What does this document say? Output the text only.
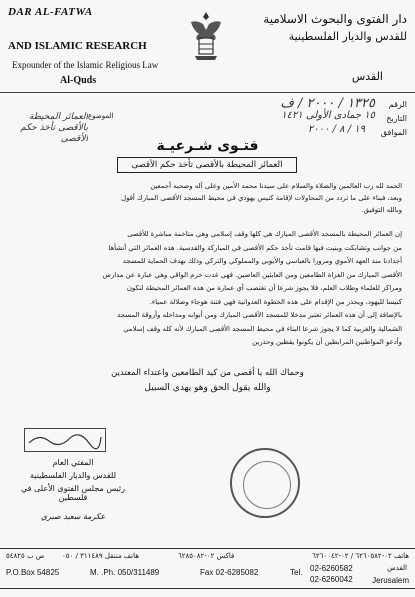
DAR AL-FATWA
AND ISLAMIC RESEARCH
Expounder of the Islamic Religious Law
Al-Quds
دار الفتوى والبحوث الاسلامية
للقدس والديار الفلسطينية
القدس
الرقم
١٣٢٥ / ٢٠٠٠ / ف
التاريخ
١٥ جمادى الأولى ١٤٢١
الموافق
١٩ / ٨ / ٢٠٠٠
الموضوع
العمائر المحيطة بالأقصى تأخذ حكم الأقصى	فتـوى شـرعيـة
العمائر المحيطة بالأقصى تأخذ حكم الأقصى
الحمد لله رب العالمين والصلاة والسلام على سيدنا محمد الأمين وعلى آله وصحبه أجمعين
وبعد، فبناء على ما تردد من المحاولات لإقامة كنيس يهودي في محيط المسجد الأقصى المبارك أقول
وبالله التوفيق.
إن العمائر المحيطة بالمسجد الأقصى المبارك هي كلها وقف إسلامي وهي متاخمة مباشرة للأقصى
من جوانب وتشابكت وبنيت فيها قامت تأخذ حكم الأقصى في المباركة والقدسية. هذه العمائر التي أنشأها
أجدادنا منذ العهد الأموي ومرورا بالعباسي والأيوبي والمملوكي والتركي وذلك بهدف الحماية للمسجد
الأقصى المبارك من الغزاة الطامعين ومن العابثين العاصين. فهي غدت خرم الواقي وهي عبارة عن مدارس
ومراكز للعلماء وطلاب العلم، فلا يجوز شرعا أن تغتصب أي عمارة من هذه العمائر المحيطة لتكون
كنيسا لليهود، ويحذر من الإقدام على هذه الخطوة العدوانية فهي فتنة هوجاء وضلالة عمياء.
بالإضافة إلى أن هذه العمائر تعتبر مدخلا للمسجد الأقصى المبارك ومن أبوابه ومداخله وأروقة المسجد
الشمالية والغربية كما لا يجوز شرعا البناء في محيط المسجد الأقصى المبارك لأنه كله وقف إسلامي
وأدعو المواطنين المرابطين أن يكونوا يقظين وحذرين
وحماك الله يا أقصى من كيد الطامعين واعتداء المعتدين
والله يقول الحق وهو يهدي السبيل
المفتي العام
للقدس والديار الفلسطينية
رئيس مجلس الفتوى الأعلى في فلسطين
عكرمة سعيد صبري
هاتف ٠٢-٦٢٦٠٥٨٢ / ٠٢-٦٢٦٠٠٤٢
فاكس ٠٢-٦٢٨٥٠٨٢
هاتف متنقل ٣١١٤٨٩ / ٠٥٠
ص ب ٥٤٨٢٥
P.O.Box 54825	M. .Ph. 050/311489	Fax 02-6285082	Tel. 02-6260582
02-6260042
القدس
Jerusalem
